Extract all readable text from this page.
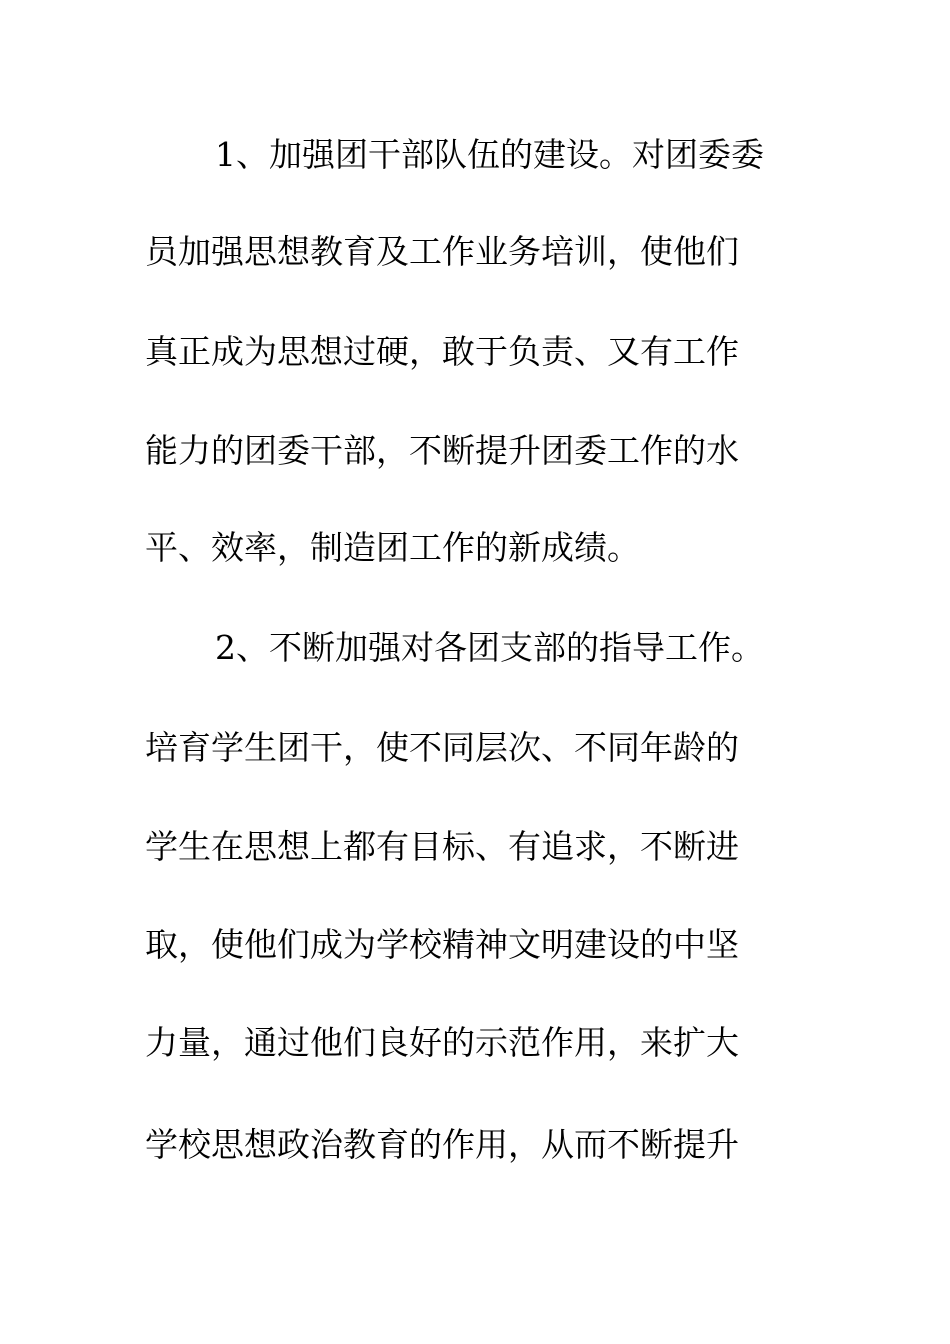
1、加强团干部队伍的建设。对团委委
员加强思想教育及工作业务培训，使他们
真正成为思想过硬，敢于负责、又有工作
能力的团委干部，不断提升团委工作的水
平、效率，制造团工作的新成绩。
2、不断加强对各团支部的指导工作。
培育学生团干，使不同层次、不同年龄的
学生在思想上都有目标、有追求，不断进
取，使他们成为学校精神文明建设的中坚
力量，通过他们良好的示范作用，来扩大
学校思想政治教育的作用，从而不断提升
